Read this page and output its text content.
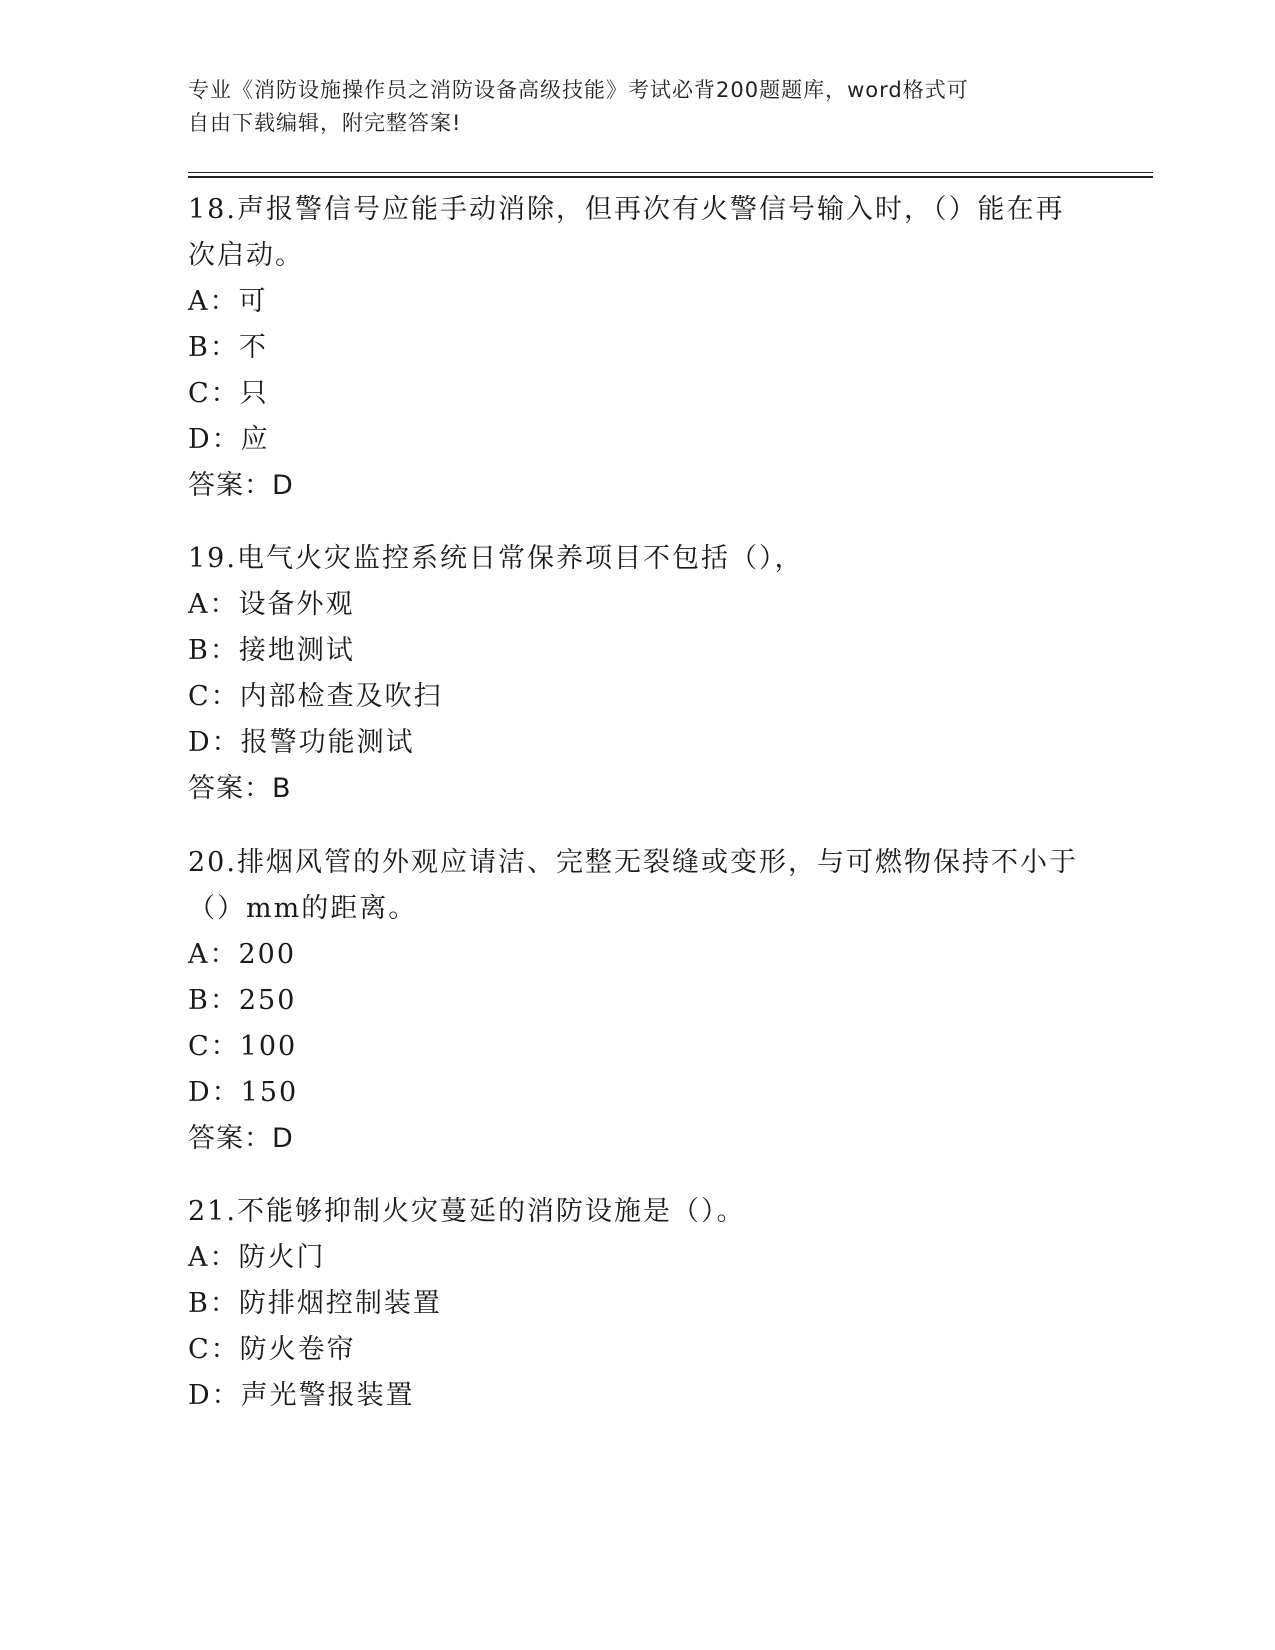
专业《消防设施操作员之消防设备高级技能》考试必背200题题库，word格式可
自由下载编辑，附完整答案!

18.声报警信号应能手动消除，但再次有火警信号输入时，（）能在再

次启动。

A：可

B：不

C：只

D：应

答案：D

19.电气火灾监控系统日常保养项目不包括（），

A：设备外观

B：接地测试

C：内部检查及吹扫

D：报警功能测试

答案：B

20.排烟风管的外观应请洁、完整无裂缝或变形，与可燃物保持不小于

（）mm的距离。

A：200

B：250

C：100

D：150

答案：D

21.不能够抑制火灾蔓延的消防设施是（）。

A：防火门

B：防排烟控制装置

C：防火卷帘

D：声光警报装置
